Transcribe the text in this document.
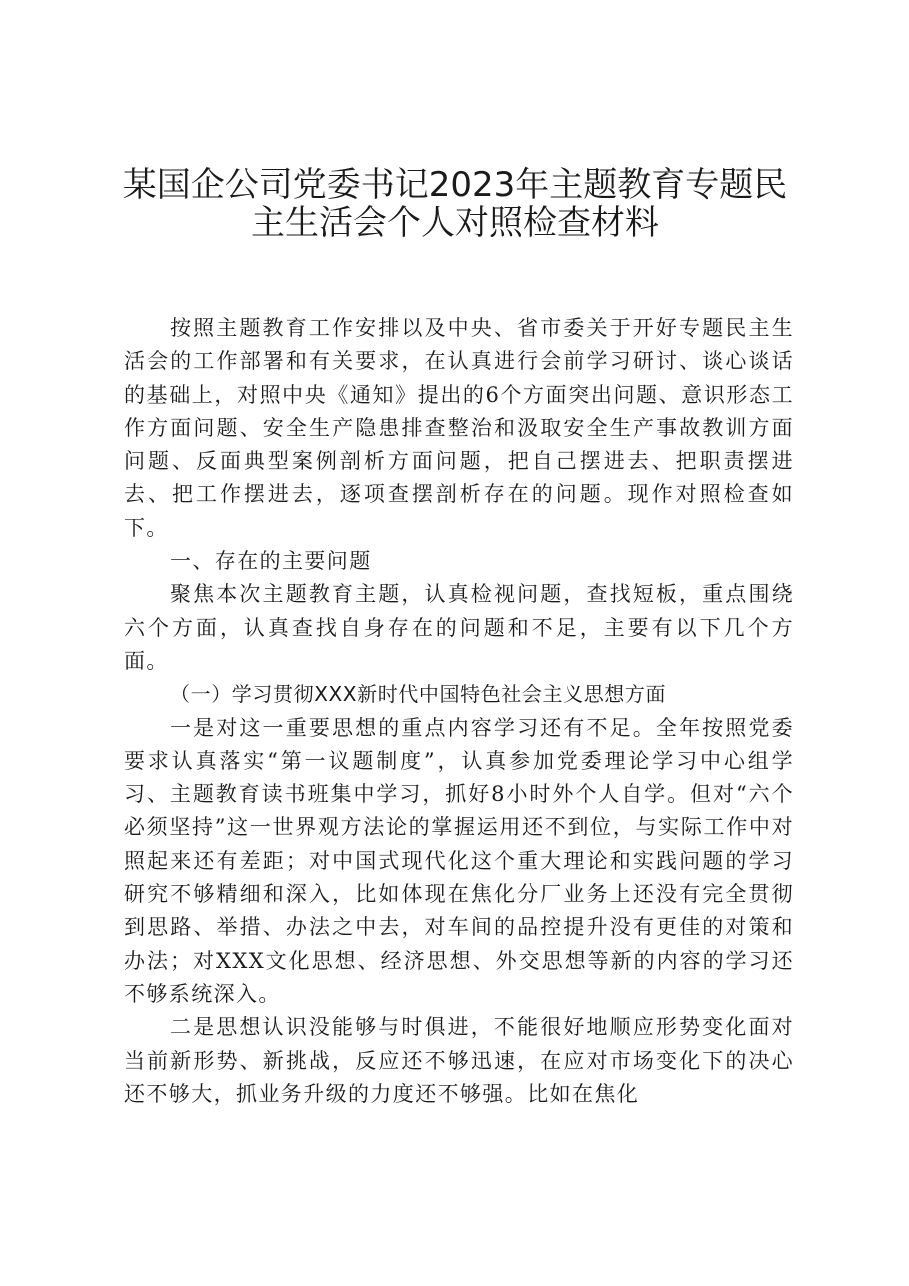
某国企公司党委书记2023年主题教育专题民
主生活会个人对照检查材料

按照主题教育工作安排以及中央、省市委关于开好专题民主生活会的工作部署和有关要求，在认真进行会前学习研讨、谈心谈话的基础上，对照中央《通知》提出的6个方面突出问题、意识形态工作方面问题、安全生产隐患排查整治和汲取安全生产事故教训方面问题、反面典型案例剖析方面问题，把自己摆进去、把职责摆进去、把工作摆进去，逐项查摆剖析存在的问题。现作对照检查如下。

一、存在的主要问题

聚焦本次主题教育主题，认真检视问题，查找短板，重点围绕六个方面，认真查找自身存在的问题和不足，主要有以下几个方面。

（一）学习贯彻XXX新时代中国特色社会主义思想方面

一是对这一重要思想的重点内容学习还有不足。全年按照党委要求认真落实“第一议题制度”，认真参加党委理论学习中心组学习、主题教育读书班集中学习，抓好8小时外个人自学。但对“六个必须坚持”这一世界观方法论的掌握运用还不到位，与实际工作中对照起来还有差距；对中国式现代化这个重大理论和实践问题的学习研究不够精细和深入，比如体现在焦化分厂业务上还没有完全贯彻到思路、举措、办法之中去，对车间的品控提升没有更佳的对策和办法；对XXX文化思想、经济思想、外交思想等新的内容的学习还不够系统深入。

二是思想认识没能够与时俱进，不能很好地顺应形势变化面对当前新形势、新挑战，反应还不够迅速，在应对市场变化下的决心还不够大，抓业务升级的力度还不够强。比如在焦化
